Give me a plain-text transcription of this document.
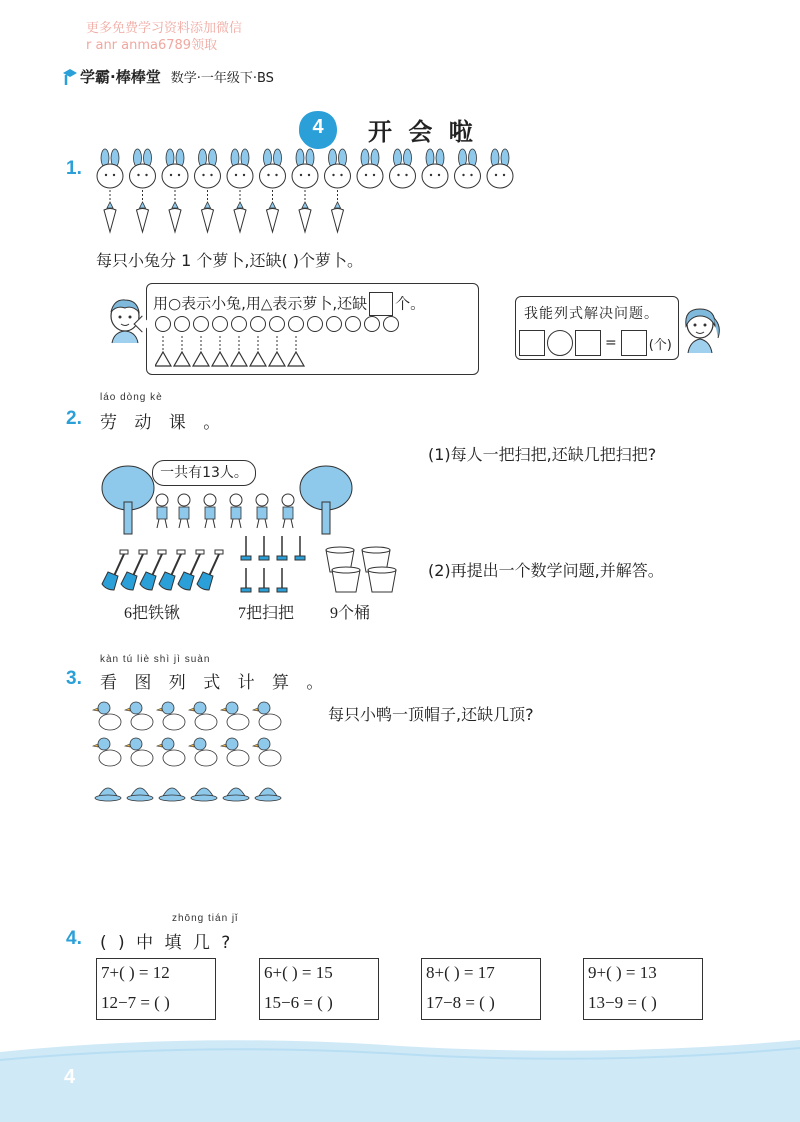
更多免费学习资料添加微信
r anr anma6789领取
学霸·棒棒堂 数学·一年级下·BS
4	开 会 啦
1.
每只小兔分 1 个萝卜,还缺( )个萝卜。
用○表示小兔,用△表示萝卜,还缺 个。
我能列式解决问题。
= (个)
láo dòng kè
2. 劳 动 课 。
(1)每人一把扫把,还缺几把扫把?
(2)再提出一个数学问题,并解答。
一共有13人。
6把铁锹	7把扫把 9个桶
kàn tú liè shì jì suàn
3. 看 图 列 式 计 算 。
每只小鸭一顶帽子,还缺几顶?
zhōng tián jǐ
4. ( ) 中 填 几 ?
7+( ) = 12
12−7 = ( )
6+( ) = 15
15−6 = ( )
8+( ) = 17
17−8 = ( )
9+( ) = 13
13−9 = ( )
4
